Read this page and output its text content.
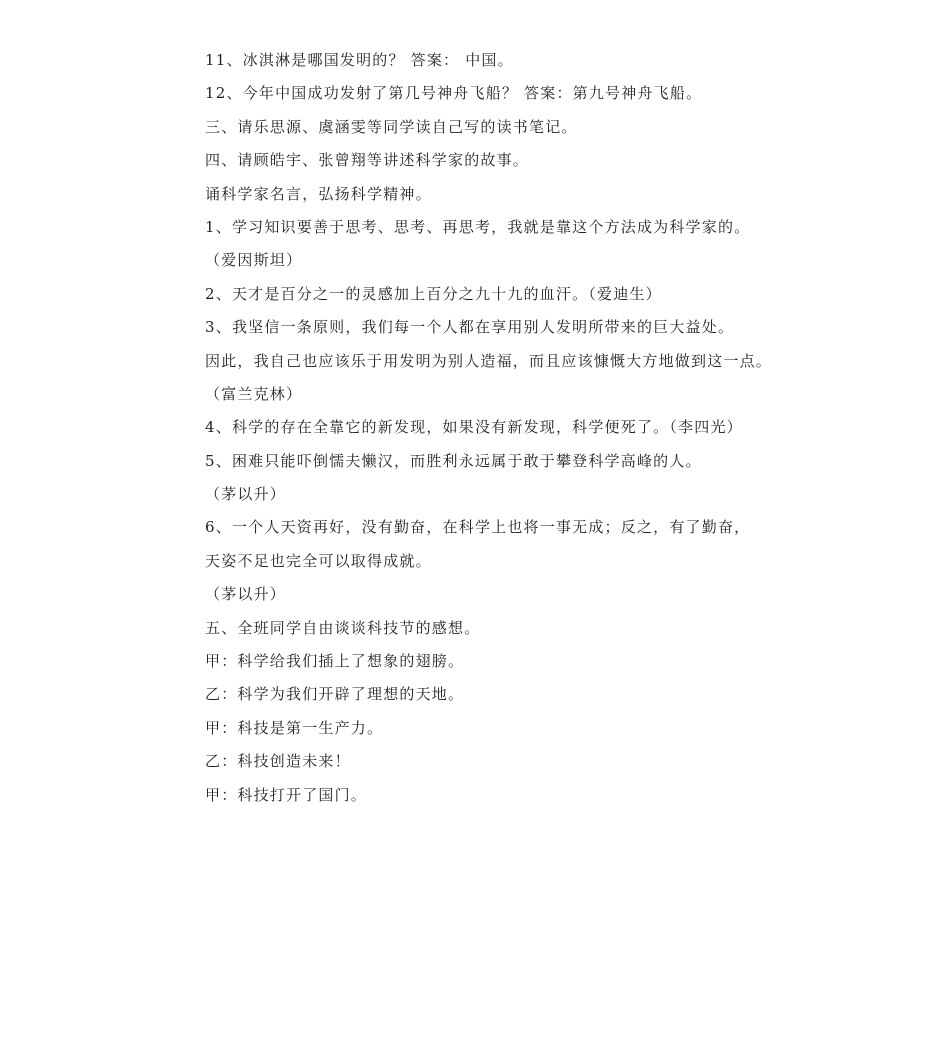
11、冰淇淋是哪国发明的？ 答案： 中国。
12、今年中国成功发射了第几号神舟飞船？ 答案：第九号神舟飞船。
三、请乐思源、虞涵雯等同学读自己写的读书笔记。
四、请顾皓宇、张曾翔等讲述科学家的故事。
诵科学家名言，弘扬科学精神。
1、学习知识要善于思考、思考、再思考，我就是靠这个方法成为科学家的。
（爱因斯坦）
2、天才是百分之一的灵感加上百分之九十九的血汗。（爱迪生）
3、我坚信一条原则，我们每一个人都在享用别人发明所带来的巨大益处。
因此，我自己也应该乐于用发明为别人造福，而且应该慷慨大方地做到这一点。
（富兰克林）
4、科学的存在全靠它的新发现，如果没有新发现，科学便死了。（李四光）
5、困难只能吓倒懦夫懒汉，而胜利永远属于敢于攀登科学高峰的人。
（茅以升）
6、一个人天资再好，没有勤奋，在科学上也将一事无成；反之，有了勤奋，
天姿不足也完全可以取得成就。
（茅以升）
五、全班同学自由谈谈科技节的感想。
甲：科学给我们插上了想象的翅膀。
乙：科学为我们开辟了理想的天地。
甲：科技是第一生产力。
乙：科技创造未来！
甲：科技打开了国门。
